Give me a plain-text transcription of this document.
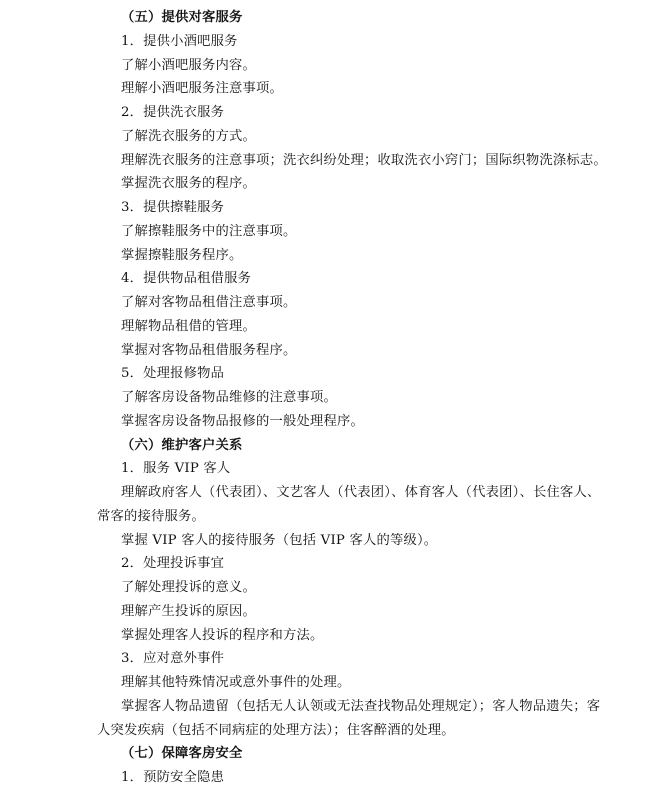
（五）提供对客服务
1．提供小酒吧服务
了解小酒吧服务内容。
理解小酒吧服务注意事项。
2．提供洗衣服务
了解洗衣服务的方式。
理解洗衣服务的注意事项；洗衣纠纷处理；收取洗衣小窍门；国际织物洗涤标志。
掌握洗衣服务的程序。
3．提供擦鞋服务
了解擦鞋服务中的注意事项。
掌握擦鞋服务程序。
4．提供物品租借服务
了解对客物品租借注意事项。
理解物品租借的管理。
掌握对客物品租借服务程序。
5．处理报修物品
了解客房设备物品维修的注意事项。
掌握客房设备物品报修的一般处理程序。
（六）维护客户关系
1．服务 VIP 客人
理解政府客人（代表团）、文艺客人（代表团）、体育客人（代表团）、长住客人、
常客的接待服务。
掌握 VIP 客人的接待服务（包括 VIP 客人的等级）。
2．处理投诉事宜
了解处理投诉的意义。
理解产生投诉的原因。
掌握处理客人投诉的程序和方法。
3．应对意外事件
理解其他特殊情况或意外事件的处理。
掌握客人物品遗留（包括无人认领或无法查找物品处理规定）；客人物品遗失；客
人突发疾病（包括不同病症的处理方法）；住客醉酒的处理。
（七）保障客房安全
1．预防安全隐患
